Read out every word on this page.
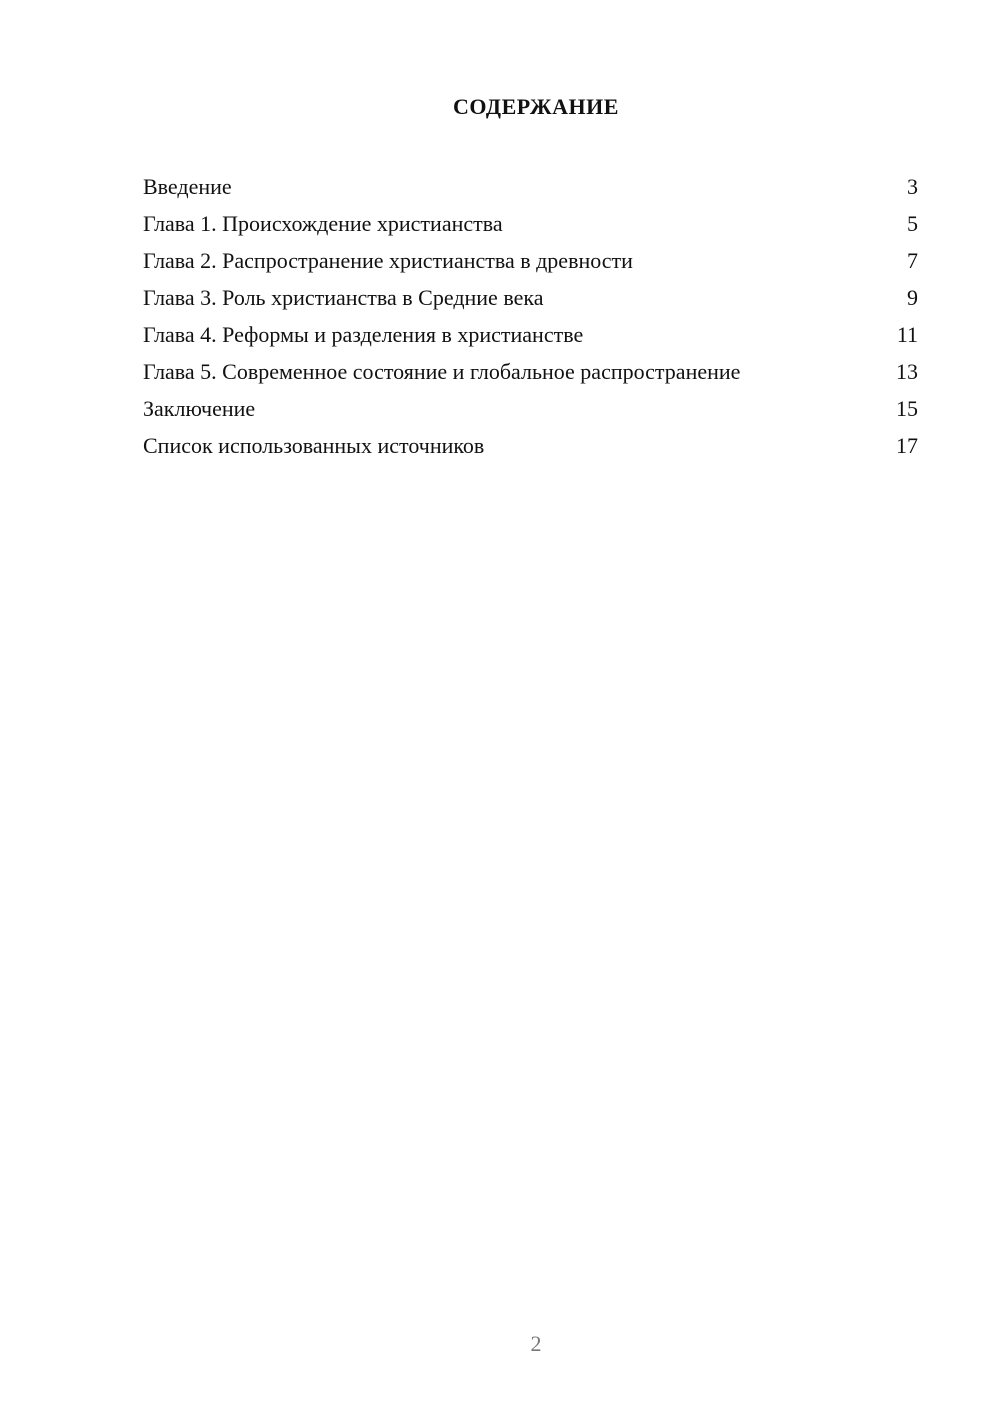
СОДЕРЖАНИЕ
Введение	3
Глава 1. Происхождение христианства	5
Глава 2. Распространение христианства в древности	7
Глава 3. Роль христианства в Средние века	9
Глава 4. Реформы и разделения в христианстве	11
Глава 5. Современное состояние и глобальное распространение	13
Заключение	15
Список использованных источников	17
2
